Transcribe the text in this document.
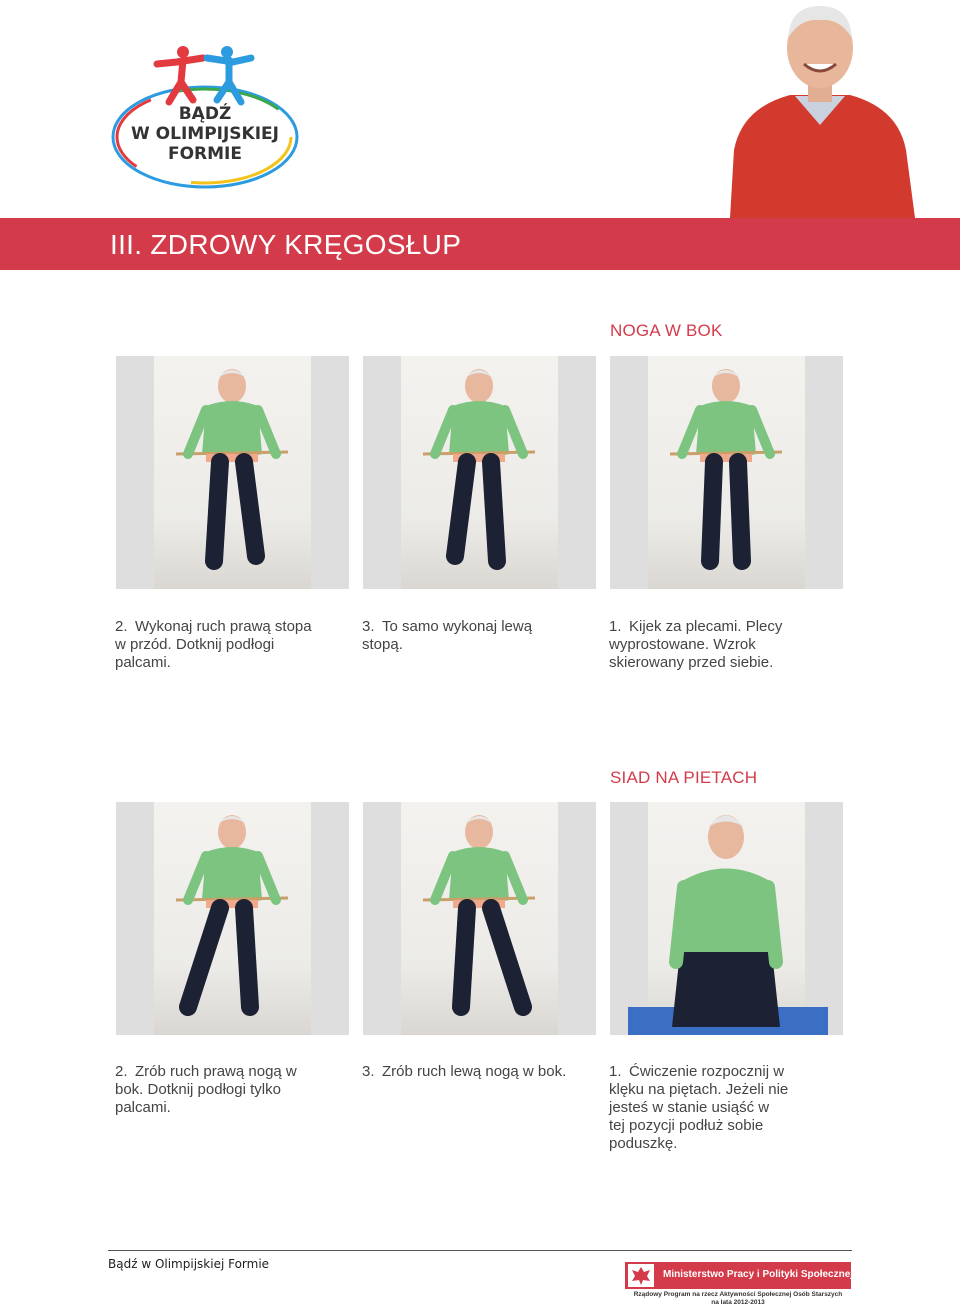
BĄDŹ
W OLIMPIJSKIEJ
FORMIE
III. ZDROWY KRĘGOSŁUP
NOGA W BOK

2. Wykonaj ruch prawą stopa
w przód. Dotknij podłogi
palcami.

3. To samo wykonaj lewą
stopą.

1. Kijek za plecami. Plecy
wyprostowane. Wzrok
skierowany przed siebie.

SIAD NA PIETACH

2. Zrób ruch prawą nogą w
bok. Dotknij podłogi tylko
palcami.

3. Zrób ruch lewą nogą w bok.	1. Ćwiczenie rozpocznij w
klęku na piętach. Jeżeli nie
jesteś w stanie usiąść w
tej pozycji podłuż sobie
poduszkę.

Bądź w Olimpijskiej Formie
Ministerstwo Pracy i Polityki Społecznej
Rządowy Program na rzecz Aktywności Społecznej Osób Starszych
na lata 2012-2013
